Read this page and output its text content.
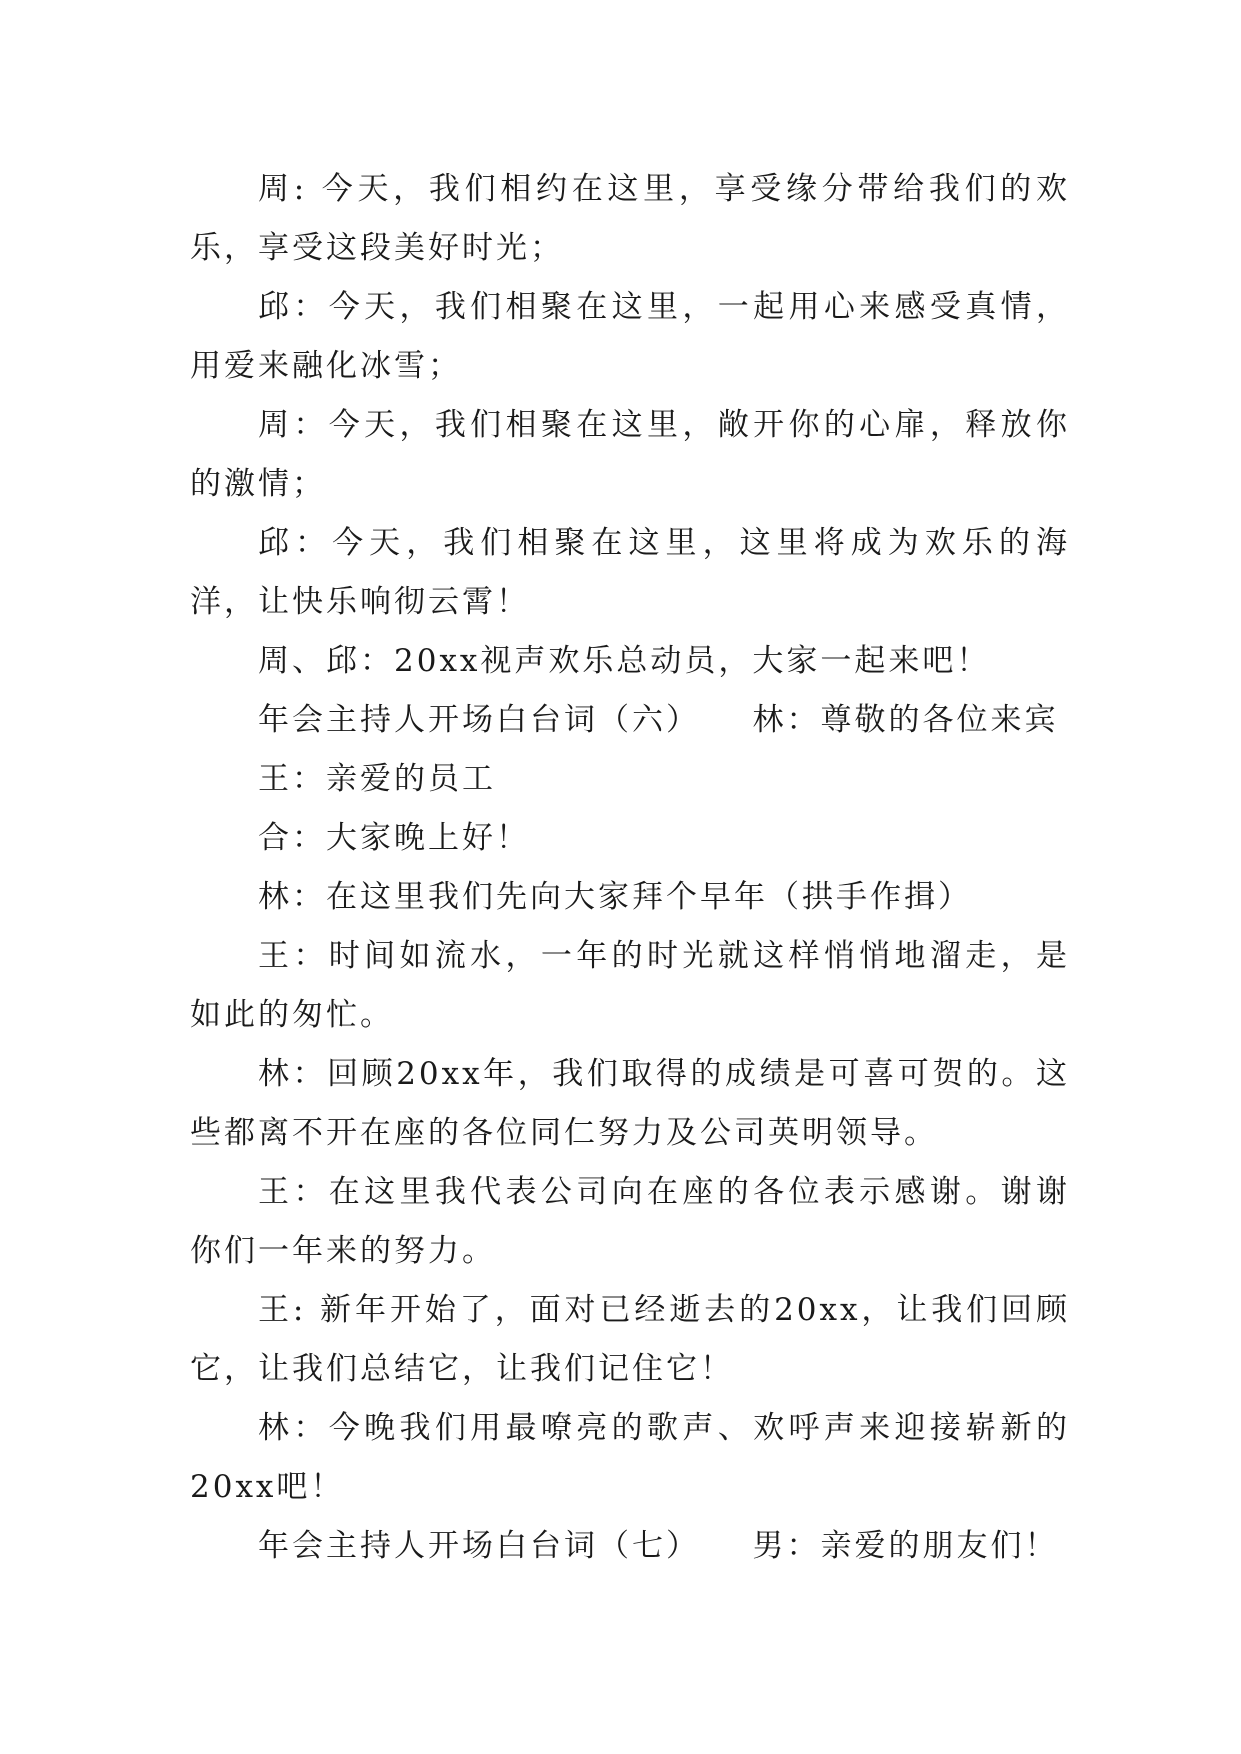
周: 今天，我们相约在这里，享受缘分带给我们的欢乐，享受这段美好时光；

邱：今天，我们相聚在这里，一起用心来感受真情，用爱来融化冰雪；

周：今天，我们相聚在这里，敞开你的心扉，释放你的激情；

邱：今天，我们相聚在这里，这里将成为欢乐的海洋，让快乐响彻云霄！

周、邱：20xx视声欢乐总动员，大家一起来吧！

年会主持人开场白台词（六）　　林：尊敬的各位来宾

王：亲爱的员工

合：大家晚上好！

林：在这里我们先向大家拜个早年（拱手作揖）

王：时间如流水，一年的时光就这样悄悄地溜走，是如此的匆忙。

林：回顾20xx年，我们取得的成绩是可喜可贺的。这些都离不开在座的各位同仁努力及公司英明领导。

王：在这里我代表公司向在座的各位表示感谢。谢谢你们一年来的努力。

王: 新年开始了，面对已经逝去的20xx，让我们回顾它，让我们总结它，让我们记住它！

林：今晚我们用最嘹亮的歌声、欢呼声来迎接崭新的20xx吧！

年会主持人开场白台词（七）　　男：亲爱的朋友们！
